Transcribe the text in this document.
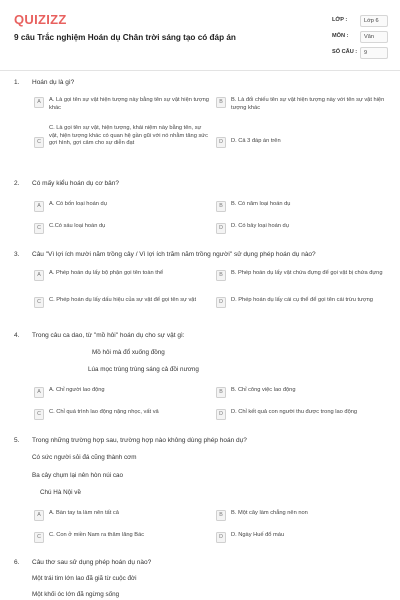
QUIZIZZ
9 câu Trắc nghiệm Hoán dụ Chân trời sáng tạo có đáp án
LỚP :	Lớp 6
MÔN :	Văn
SỐ CÂU :	9
1. Hoán dụ là gì?
A	A. Là gọi tên sự vật hiện tượng này bằng tên sự vật hiện tượng khác
B	B. Là đối chiếu tên sự vật hiện tượng này với tên sự vật hiện tượng khác
C
C. Là gọi tên sự vật, hiện tượng, khái niệm này bằng tên, sự vật, hiện tượng khác có quan hệ gần gũi với nó nhằm tăng sức gợi hình, gợi cảm cho sự diễn đạt	D	D. Cả 3 đáp án trên
2. Có mấy kiểu hoán dụ cơ bản?
A	A. Có bốn loại hoán dụ	B	B. Có năm loại hoán dụ
C	C.Có sáu loại hoán dụ	D	D. Có bảy loại hoán dụ
3. Câu "Vì lợi ích mười năm trồng cây / Vì lợi ích trăm năm trồng người" sử dụng phép hoán dụ nào?
A	A. Phép hoán dụ lấy bộ phận gọi tên toàn thể	B	B. Phép hoán dụ lấy vật chứa đựng để gọi vật bị chứa đựng
C	C. Phép hoán dụ lấy dấu hiệu của sự vật để gọi tên sự vật	D	D. Phép hoán dụ lấy cái cụ thể để gọi tên cái trừu tượng
4. Trong câu ca dao, từ "mồ hôi" hoán dụ cho sự vật gì:
Mồ hôi mà đổ xuống đồng
Lúa mọc trùng trùng sáng cả đồi nương
A	A. Chỉ người lao động	B	B. Chỉ công việc lao động
C	C. Chỉ quá trình lao động nặng nhọc, vất vả	D	D. Chỉ kết quả con người thu được trong lao động
5. Trong những trường hợp sau, trường hợp nào không dùng phép hoán dụ?
Có sức người sỏi đá cũng thành cơm
Ba cây chụm lại nên hòn núi cao
Chú Hà Nội về
A	A. Bàn tay ta làm nên tất cả	B	B. Một cây làm chẳng nên non
C	C. Con ở miền Nam ra thăm lăng Bác	D	D. Ngày Huế đổ máu
6. Câu thơ sau sử dụng phép hoán dụ nào?
Một trái tim lớn lao đã giã từ cuộc đời
Một khối óc lớn đã ngừng sống
